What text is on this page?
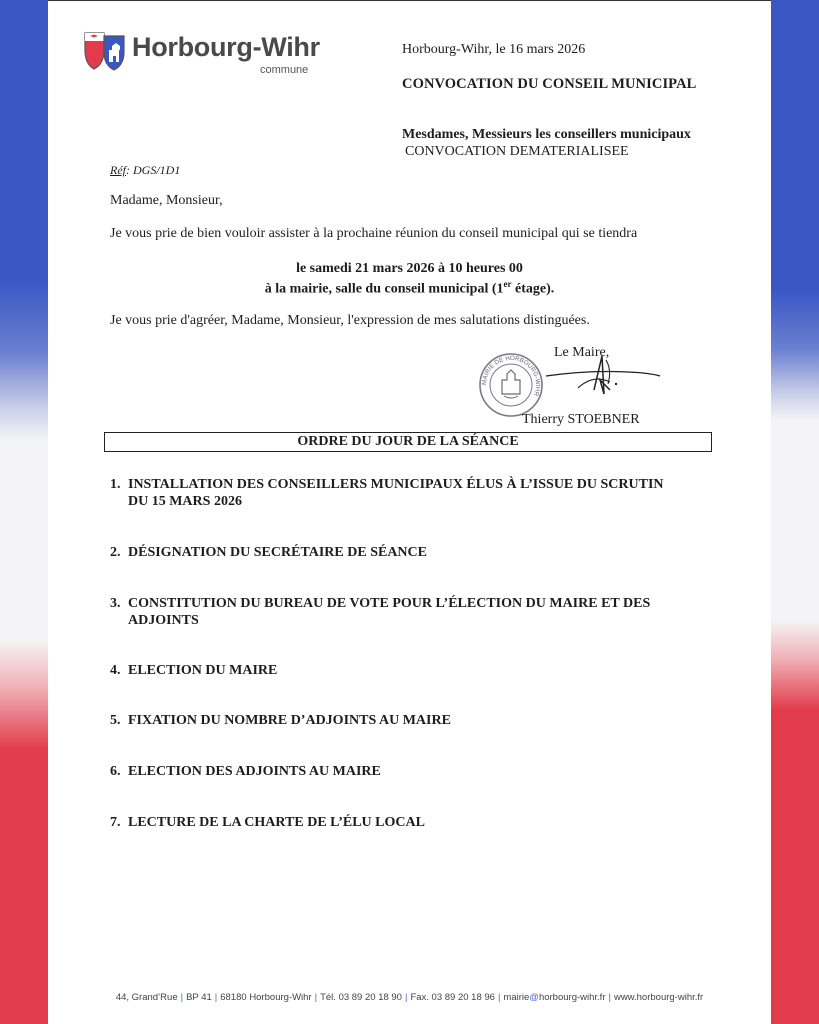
Horbourg-Wihr
commune
Horbourg-Wihr, le 16 mars 2026
CONVOCATION DU CONSEIL MUNICIPAL
Mesdames, Messieurs les conseillers municipaux
CONVOCATION DEMATERIALISEE
Réf: DGS/1D1
Madame, Monsieur,
Je vous prie de bien vouloir assister à la prochaine réunion du conseil municipal qui se tiendra
le samedi 21 mars 2026 à 10 heures 00
à la mairie, salle du conseil municipal (1er étage).
Je vous prie d'agréer, Madame, Monsieur, l'expression de mes salutations distinguées.
MAIRIE DE HORBOURG-WIHR
Le Maire,
Thierry STOEBNER
ORDRE DU JOUR DE LA SÉANCE
1. INSTALLATION DES CONSEILLERS MUNICIPAUX ÉLUS À L’ISSUE DU SCRUTIN
DU 15 MARS 2026
2. DÉSIGNATION DU SECRÉTAIRE DE SÉANCE
3. CONSTITUTION DU BUREAU DE VOTE POUR L’ÉLECTION DU MAIRE ET DES
ADJOINTS
4. ELECTION DU MAIRE
5. FIXATION DU NOMBRE D’ADJOINTS AU MAIRE
6. ELECTION DES ADJOINTS AU MAIRE
7. LECTURE DE LA CHARTE DE L’ÉLU LOCAL
44, Grand’Rue | BP 41 | 68180 Horbourg-Wihr | Tél. 03 89 20 18 90 | Fax. 03 89 20 18 96 | mairie@horbourg-wihr.fr | www.horbourg-wihr.fr
